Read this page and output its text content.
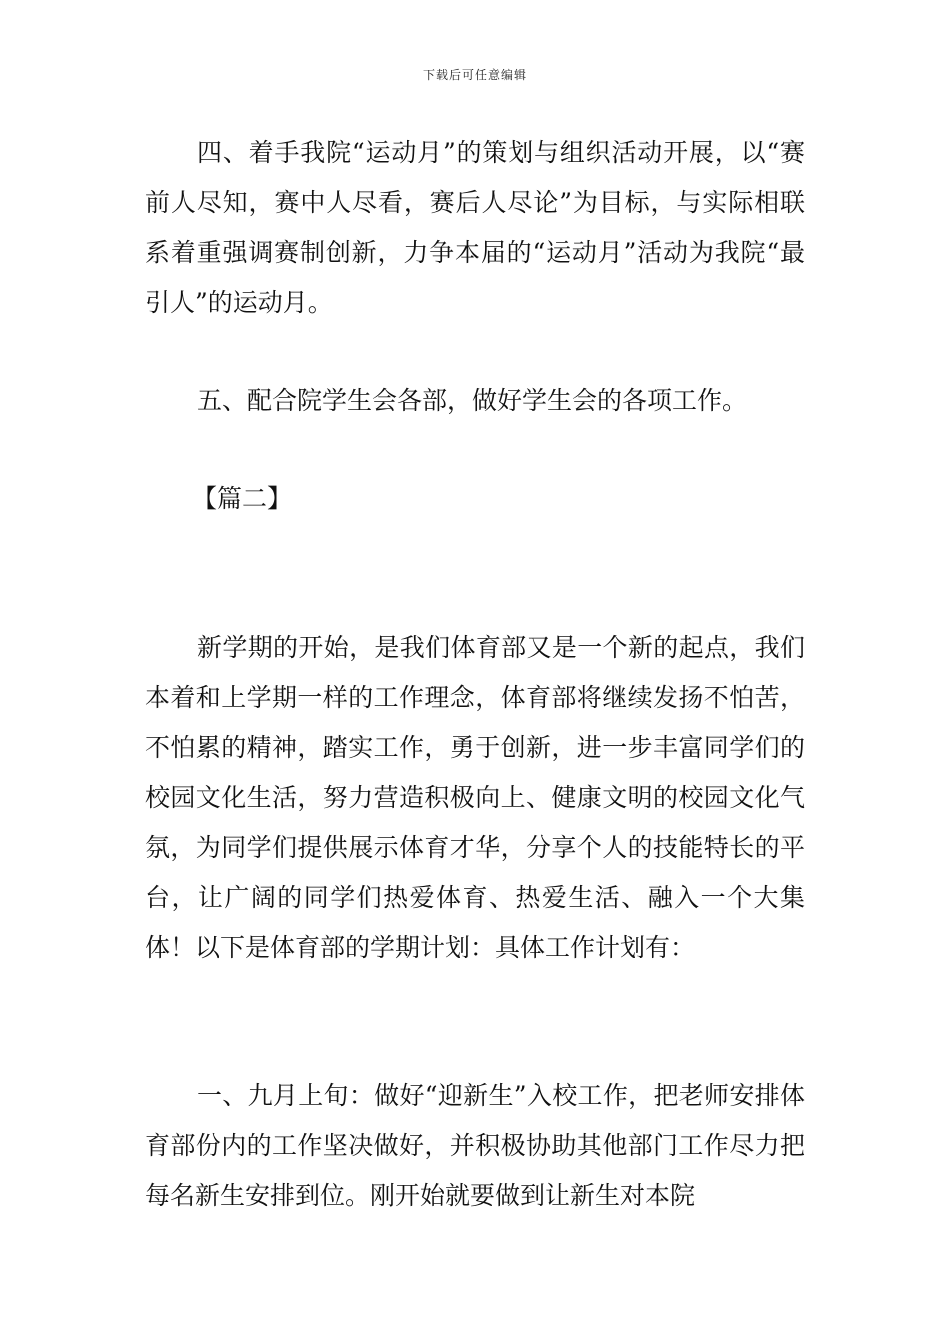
下载后可任意编辑

四、着手我院“运动月”的策划与组织活动开展，以“赛前人尽知，赛中人尽看，赛后人尽论”为目标，与实际相联系着重强调赛制创新，力争本届的“运动月”活动为我院“最引人”的运动月。

五、配合院学生会各部，做好学生会的各项工作。

【篇二】

新学期的开始，是我们体育部又是一个新的起点，我们本着和上学期一样的工作理念，体育部将继续发扬不怕苦，不怕累的精神，踏实工作，勇于创新，进一步丰富同学们的校园文化生活，努力营造积极向上、健康文明的校园文化气氛，为同学们提供展示体育才华，分享个人的技能特长的平台，让广阔的同学们热爱体育、热爱生活、融入一个大集体！以下是体育部的学期计划：具体工作计划有：

一、九月上旬：做好“迎新生”入校工作，把老师安排体育部份内的工作坚决做好，并积极协助其他部门工作尽力把每名新生安排到位。刚开始就要做到让新生对本院
